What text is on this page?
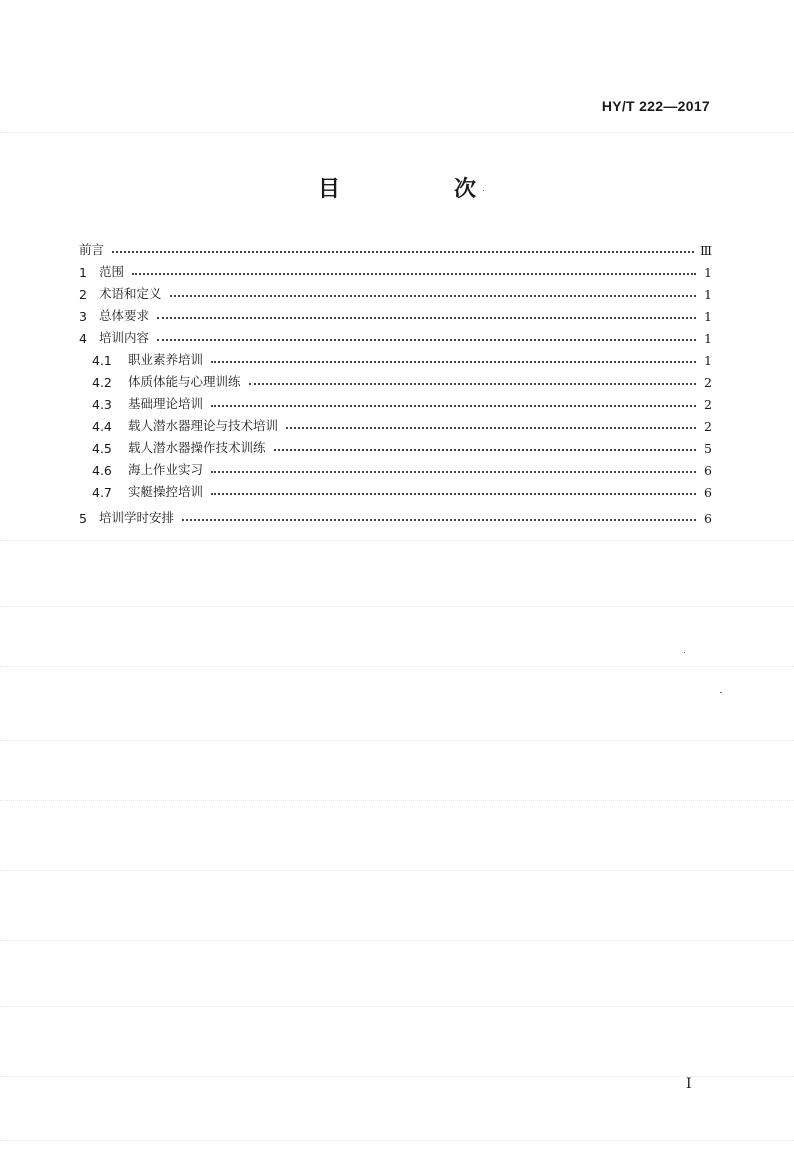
HY/T 222—2017
目　次
前言	Ⅲ
1 范围	1
2 术语和定义	1
3 总体要求	1
4 培训内容	1
4.1	职业素养培训	1
4.2	体质体能与心理训练	2
4.3	基础理论培训	2
4.4	载人潜水器理论与技术培训	2
4.5	载人潜水器操作技术训练	5
4.6	海上作业实习	6
4.7	实艇操控培训	6
5 培训学时安排	6
I
